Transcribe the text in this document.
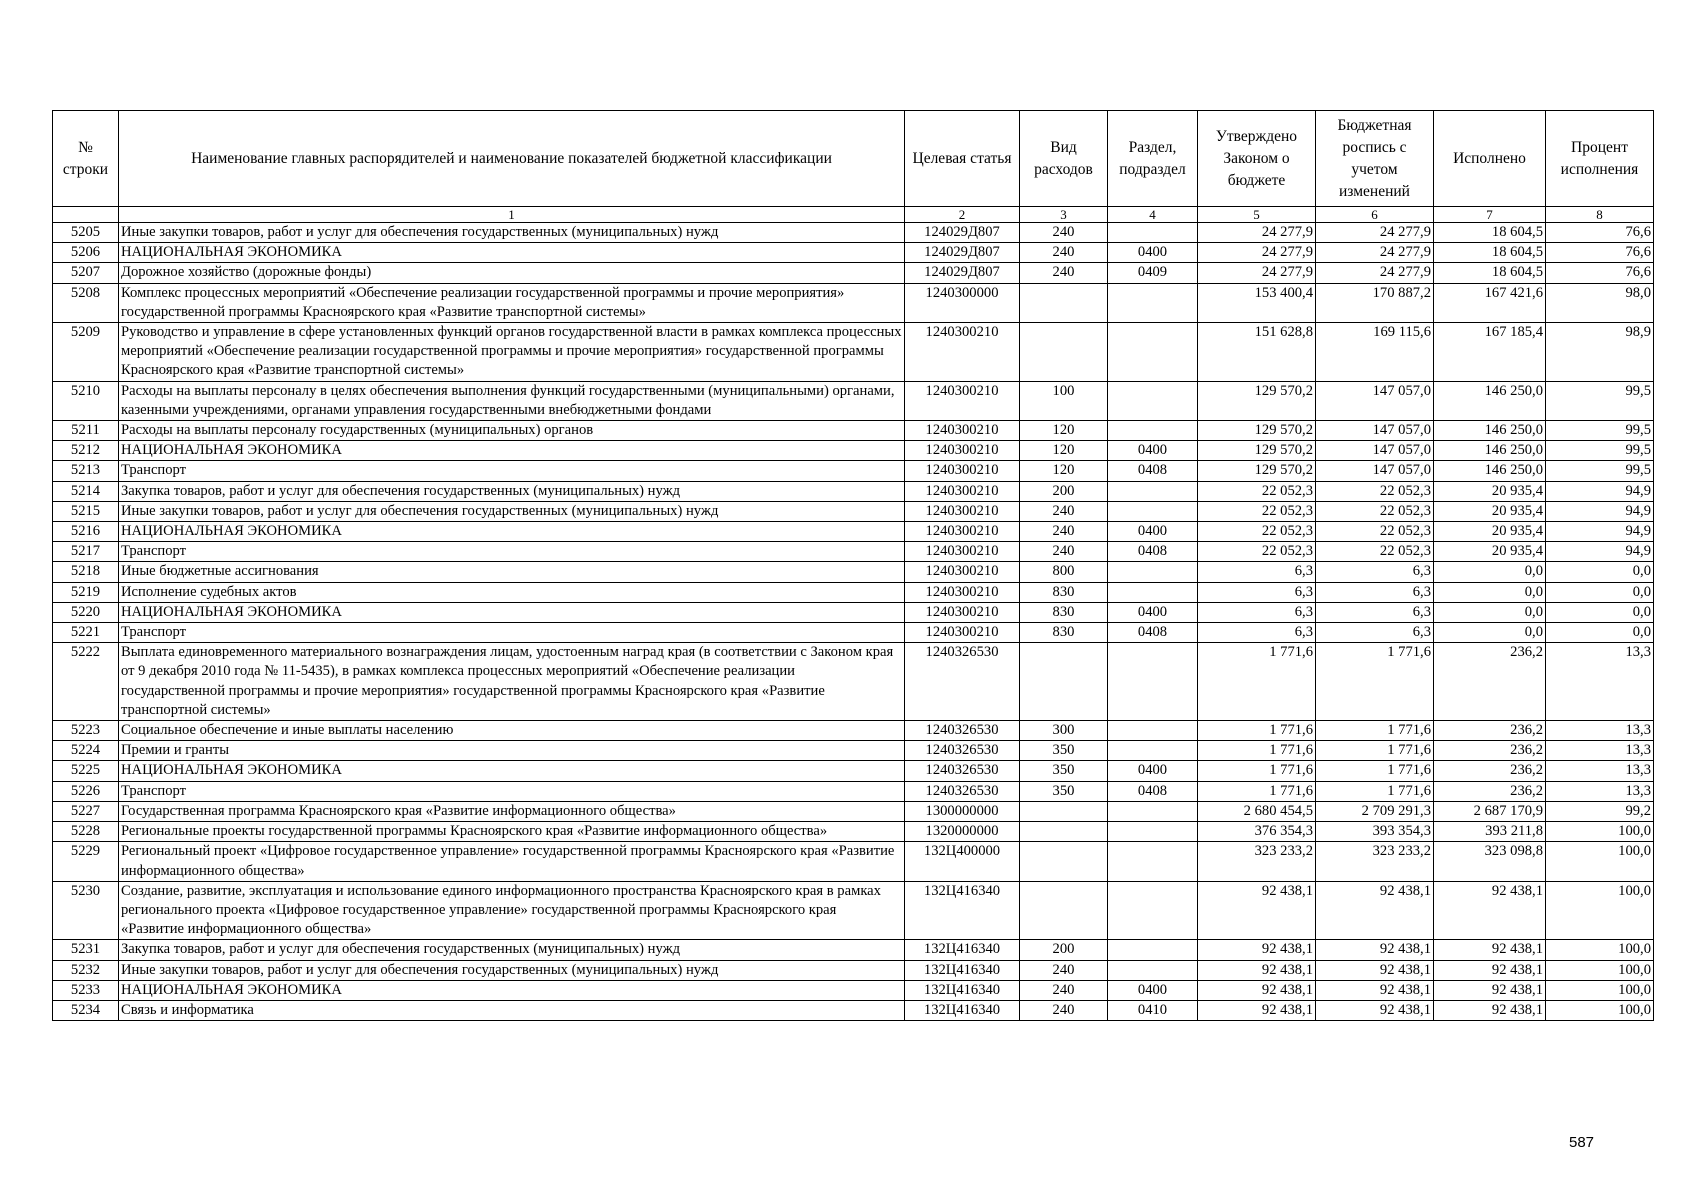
№ строки	Наименование главных распорядителей и наименование показателей бюджетной классификации	Целевая статья	Вид расходов	Раздел, подраздел	Утверждено Законом о бюджете	Бюджетная роспись с учетом изменений	Исполнено	Процент исполнения
	1	2	3	4	5	6	7	8
5205	Иные закупки товаров, работ и услуг для обеспечения государственных (муниципальных) нужд	124029Д807	240		24 277,9	24 277,9	18 604,5	76,6
5206	НАЦИОНАЛЬНАЯ ЭКОНОМИКА	124029Д807	240	0400	24 277,9	24 277,9	18 604,5	76,6
5207	Дорожное хозяйство (дорожные фонды)	124029Д807	240	0409	24 277,9	24 277,9	18 604,5	76,6
5208	Комплекс процессных мероприятий «Обеспечение реализации государственной программы и прочие мероприятия» государственной программы Красноярского края «Развитие транспортной системы»	1240300000			153 400,4	170 887,2	167 421,6	98,0
5209	Руководство и управление в сфере установленных функций органов государственной власти в рамках комплекса процессных мероприятий «Обеспечение реализации государственной программы и прочие мероприятия» государственной программы Красноярского края «Развитие транспортной системы»	1240300210			151 628,8	169 115,6	167 185,4	98,9
5210	Расходы на выплаты персоналу в целях обеспечения выполнения функций государственными (муниципальными) органами, казенными учреждениями, органами управления государственными внебюджетными фондами	1240300210	100		129 570,2	147 057,0	146 250,0	99,5
5211	Расходы на выплаты персоналу государственных (муниципальных) органов	1240300210	120		129 570,2	147 057,0	146 250,0	99,5
5212	НАЦИОНАЛЬНАЯ ЭКОНОМИКА	1240300210	120	0400	129 570,2	147 057,0	146 250,0	99,5
5213	Транспорт	1240300210	120	0408	129 570,2	147 057,0	146 250,0	99,5
5214	Закупка товаров, работ и услуг для обеспечения государственных (муниципальных) нужд	1240300210	200		22 052,3	22 052,3	20 935,4	94,9
5215	Иные закупки товаров, работ и услуг для обеспечения государственных (муниципальных) нужд	1240300210	240		22 052,3	22 052,3	20 935,4	94,9
5216	НАЦИОНАЛЬНАЯ ЭКОНОМИКА	1240300210	240	0400	22 052,3	22 052,3	20 935,4	94,9
5217	Транспорт	1240300210	240	0408	22 052,3	22 052,3	20 935,4	94,9
5218	Иные бюджетные ассигнования	1240300210	800		6,3	6,3	0,0	0,0
5219	Исполнение судебных актов	1240300210	830		6,3	6,3	0,0	0,0
5220	НАЦИОНАЛЬНАЯ ЭКОНОМИКА	1240300210	830	0400	6,3	6,3	0,0	0,0
5221	Транспорт	1240300210	830	0408	6,3	6,3	0,0	0,0
5222	Выплата единовременного материального вознаграждения лицам, удостоенным наград края (в соответствии с Законом края от 9 декабря 2010 года № 11-5435), в рамках комплекса процессных мероприятий «Обеспечение реализации государственной программы и прочие мероприятия» государственной программы Красноярского края «Развитие транспортной системы»	1240326530			1 771,6	1 771,6	236,2	13,3
5223	Социальное обеспечение и иные выплаты населению	1240326530	300		1 771,6	1 771,6	236,2	13,3
5224	Премии и гранты	1240326530	350		1 771,6	1 771,6	236,2	13,3
5225	НАЦИОНАЛЬНАЯ ЭКОНОМИКА	1240326530	350	0400	1 771,6	1 771,6	236,2	13,3
5226	Транспорт	1240326530	350	0408	1 771,6	1 771,6	236,2	13,3
5227	Государственная программа Красноярского края «Развитие информационного общества»	1300000000			2 680 454,5	2 709 291,3	2 687 170,9	99,2
5228	Региональные проекты государственной программы Красноярского края «Развитие информационного общества»	1320000000			376 354,3	393 354,3	393 211,8	100,0
5229	Региональный проект «Цифровое государственное управление» государственной программы Красноярского края «Развитие информационного общества»	132Ц400000			323 233,2	323 233,2	323 098,8	100,0
5230	Создание, развитие, эксплуатация и использование единого информационного пространства Красноярского края в рамках регионального проекта «Цифровое государственное управление» государственной программы Красноярского края «Развитие информационного общества»	132Ц416340			92 438,1	92 438,1	92 438,1	100,0
5231	Закупка товаров, работ и услуг для обеспечения государственных (муниципальных) нужд	132Ц416340	200		92 438,1	92 438,1	92 438,1	100,0
5232	Иные закупки товаров, работ и услуг для обеспечения государственных (муниципальных) нужд	132Ц416340	240		92 438,1	92 438,1	92 438,1	100,0
5233	НАЦИОНАЛЬНАЯ ЭКОНОМИКА	132Ц416340	240	0400	92 438,1	92 438,1	92 438,1	100,0
5234	Связь и информатика	132Ц416340	240	0410	92 438,1	92 438,1	92 438,1	100,0
587
